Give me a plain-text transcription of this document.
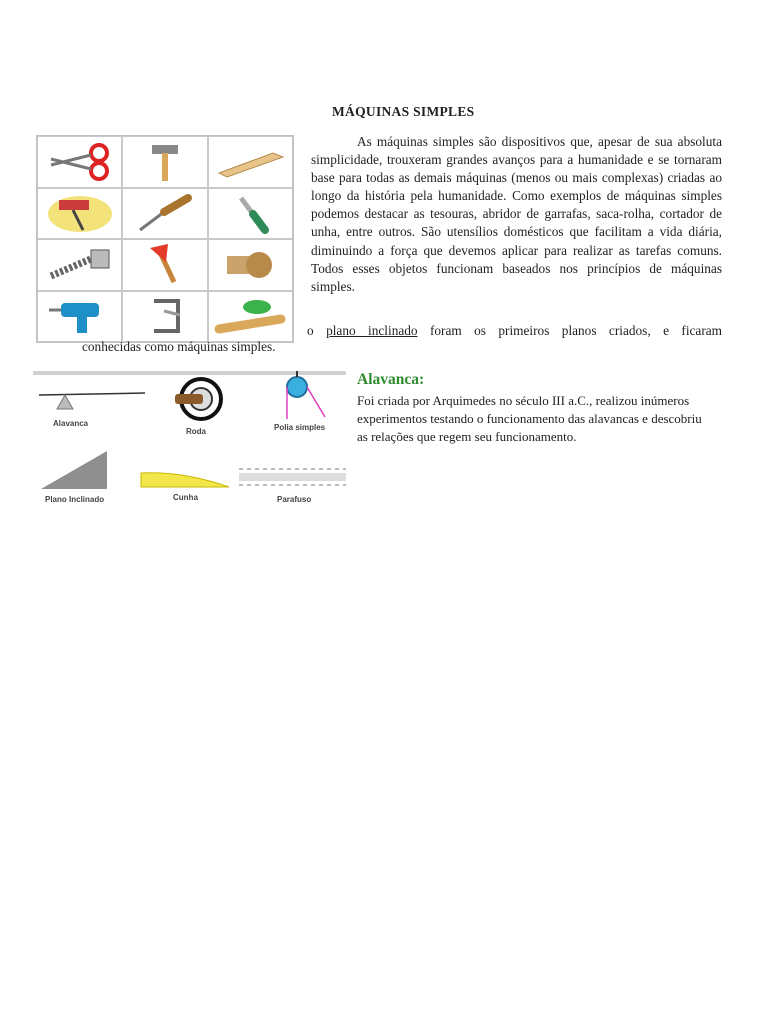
MÁQUINAS SIMPLES
As máquinas simples são dispositivos que, apesar de sua absoluta simplicidade, trouxeram grandes avanços para a humanidade e se tornaram base para todas as demais máquinas (menos ou mais complexas) criadas ao longo da história pela humanidade. Como exemplos de máquinas simples podemos destacar as tesouras, abridor de garrafas, saca-rolha, cortador de unha, entre outros. São utensílios domésticos que facilitam a vida diária, diminuindo a força que devemos aplicar para realizar as tarefas comuns. Todos esses objetos funcionam baseados nos princípios de máquinas simples.
o plano inclinado foram os primeiros planos criados, e ficaram
conhecidas como máquinas simples.
Alavanca
Roda	Polia simples
Plano Inclinado	Cunha	Parafuso
Alavanca:
Foi criada por Arquimedes no século III a.C., realizou inúmeros experimentos testando o funcionamento das alavancas e descobriu as relações que regem seu funcionamento.
